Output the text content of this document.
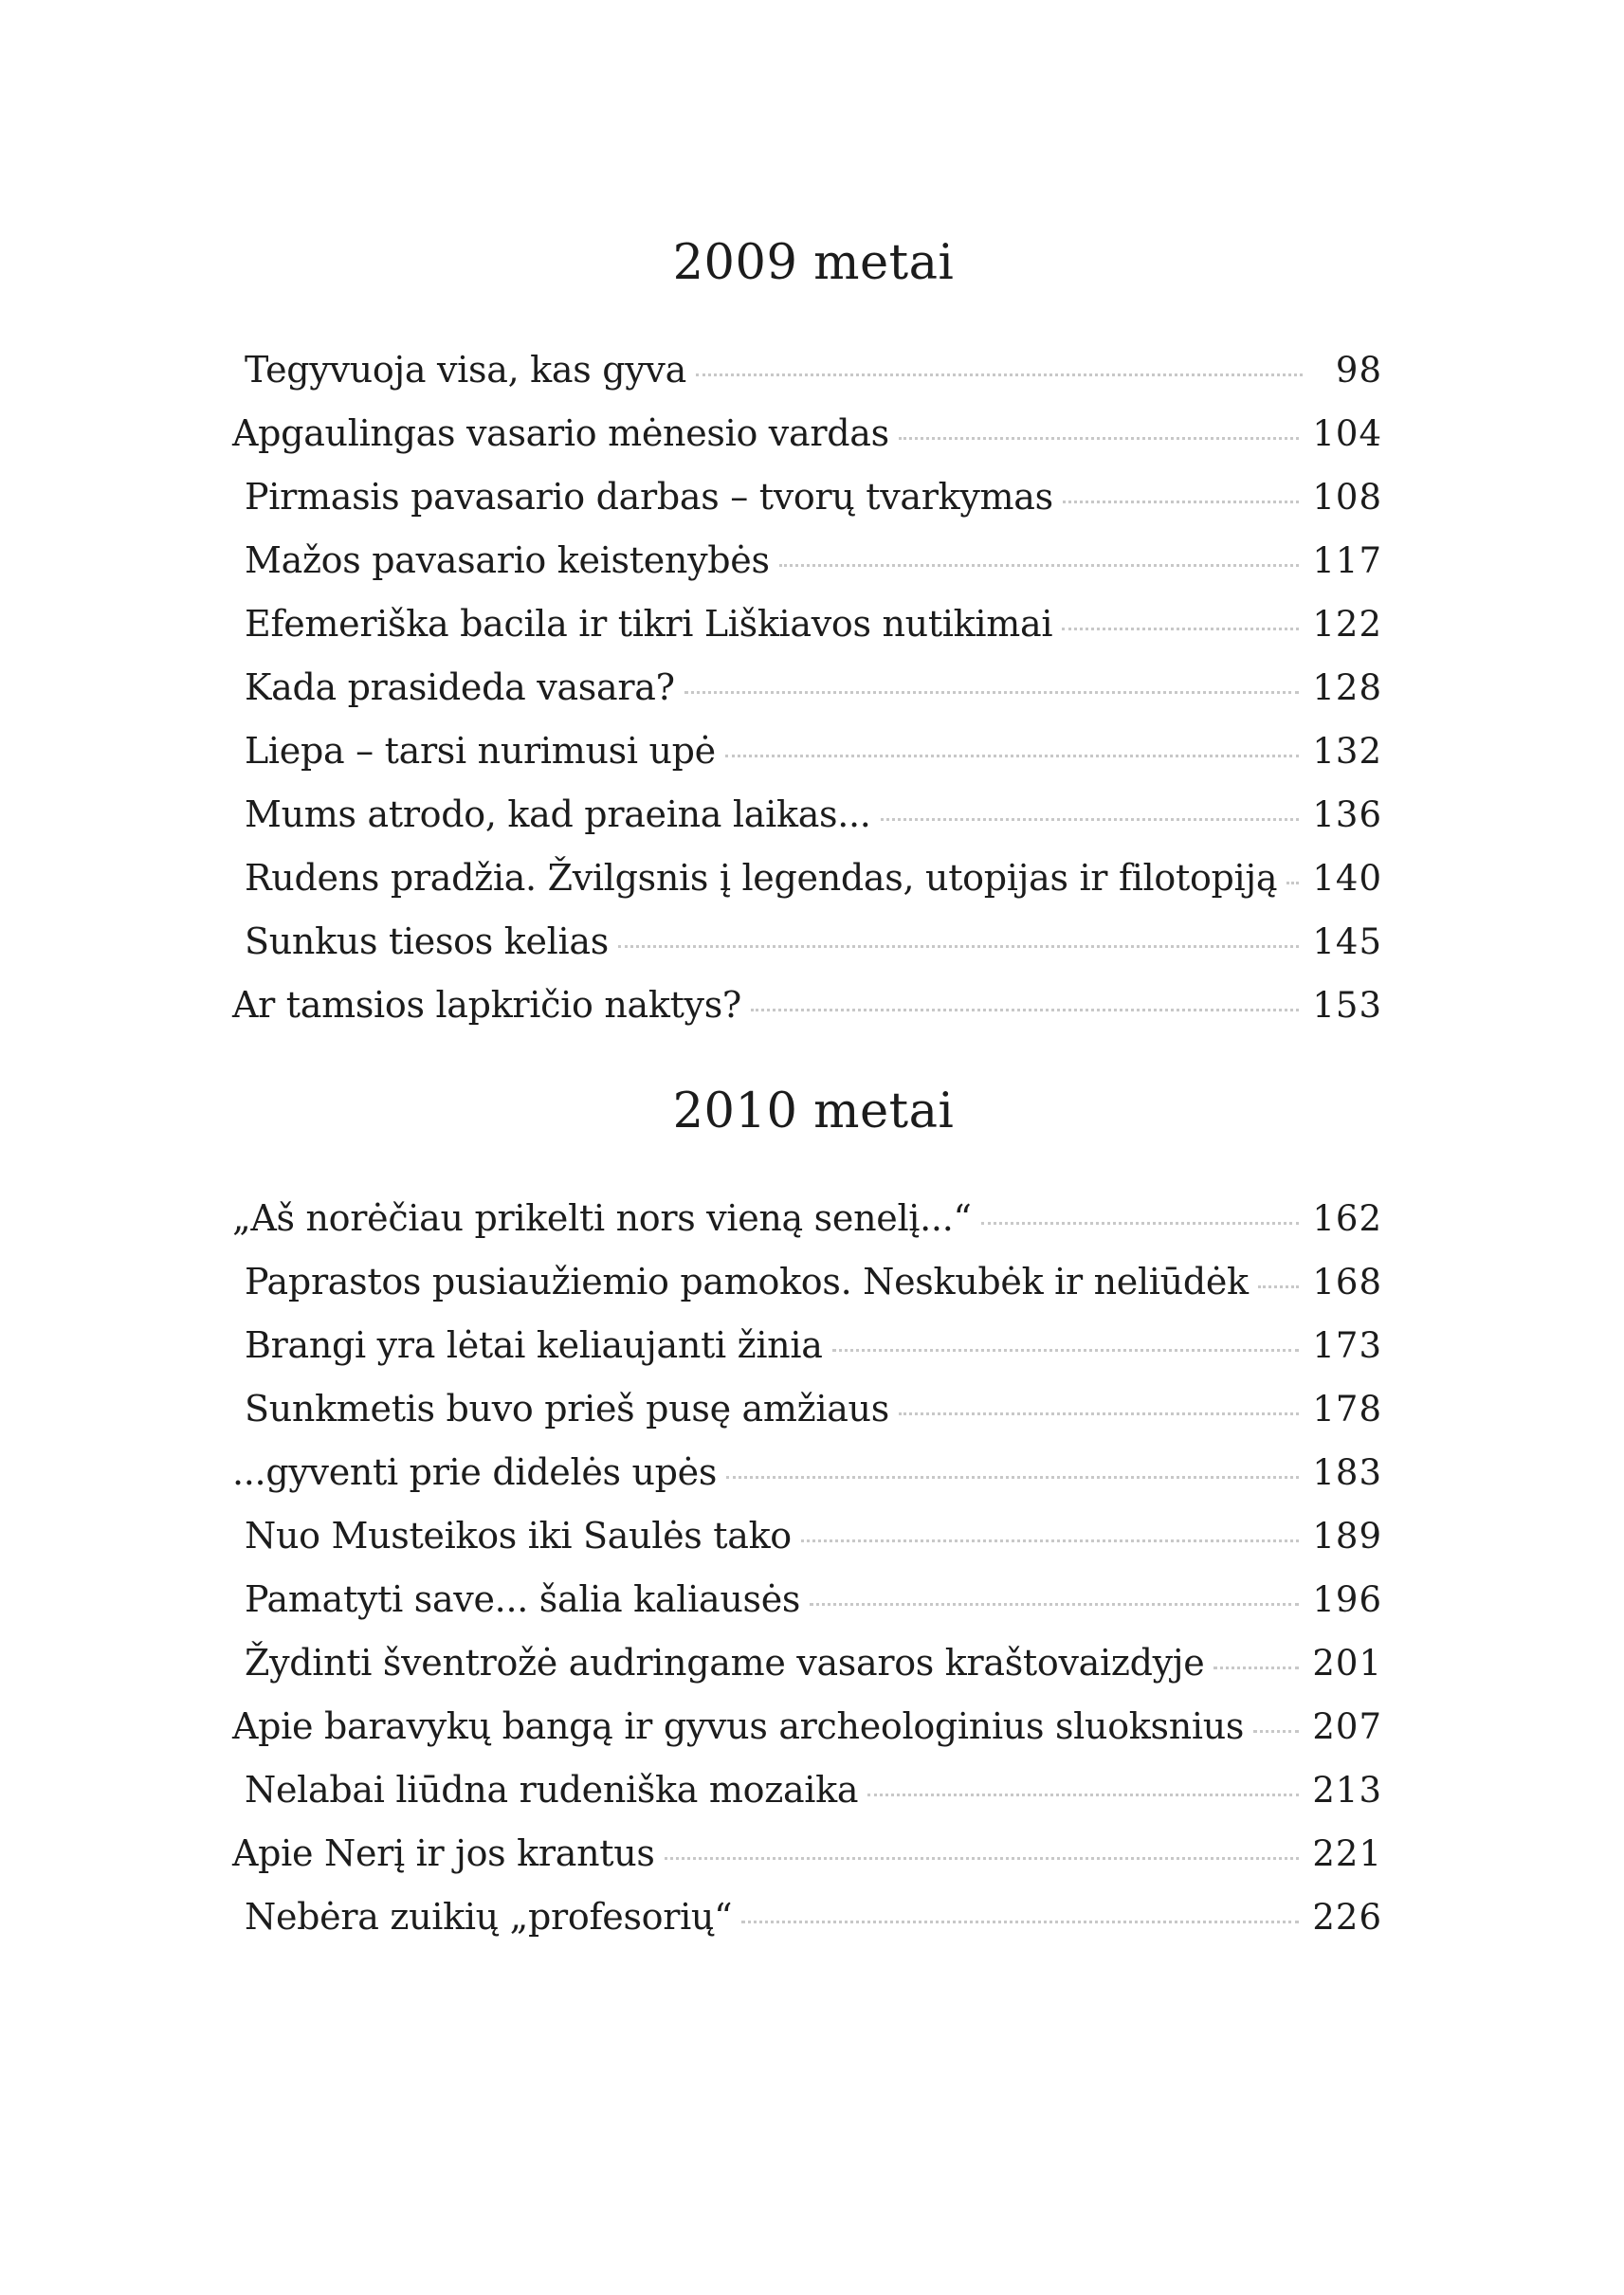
2009 metai
Tegyvuoja visa, kas gyva	98
Apgaulingas vasario mėnesio vardas	104
Pirmasis pavasario darbas – tvorų tvarkymas	108
Mažos pavasario keistenybės	117
Efemeriška bacila ir tikri Liškiavos nutikimai	122
Kada prasideda vasara?	128
Liepa – tarsi nurimusi upė	132
Mums atrodo, kad praeina laikas...	136
Rudens pradžia. Žvilgsnis į legendas, utopijas ir filotopiją 140
Sunkus tiesos kelias	145
Ar tamsios lapkričio naktys?	153
2010 metai
„Aš norėčiau prikelti nors vieną senelį...“	162
Paprastos pusiaužiemio pamokos. Neskubėk ir neliūdėk 168
Brangi yra lėtai keliaujanti žinia	173
Sunkmetis buvo prieš pusę amžiaus	178
...gyventi prie didelės upės	183
Nuo Musteikos iki Saulės tako	189
Pamatyti save... šalia kaliausės	196
Žydinti šventrožė audringame vasaros kraštovaizdyje	201
Apie baravykų bangą ir gyvus archeologinius sluoksnius 207
Nelabai liūdna rudeniška mozaika	213
Apie Nerį ir jos krantus	221
Nebėra zuikių „profesorių“	226
